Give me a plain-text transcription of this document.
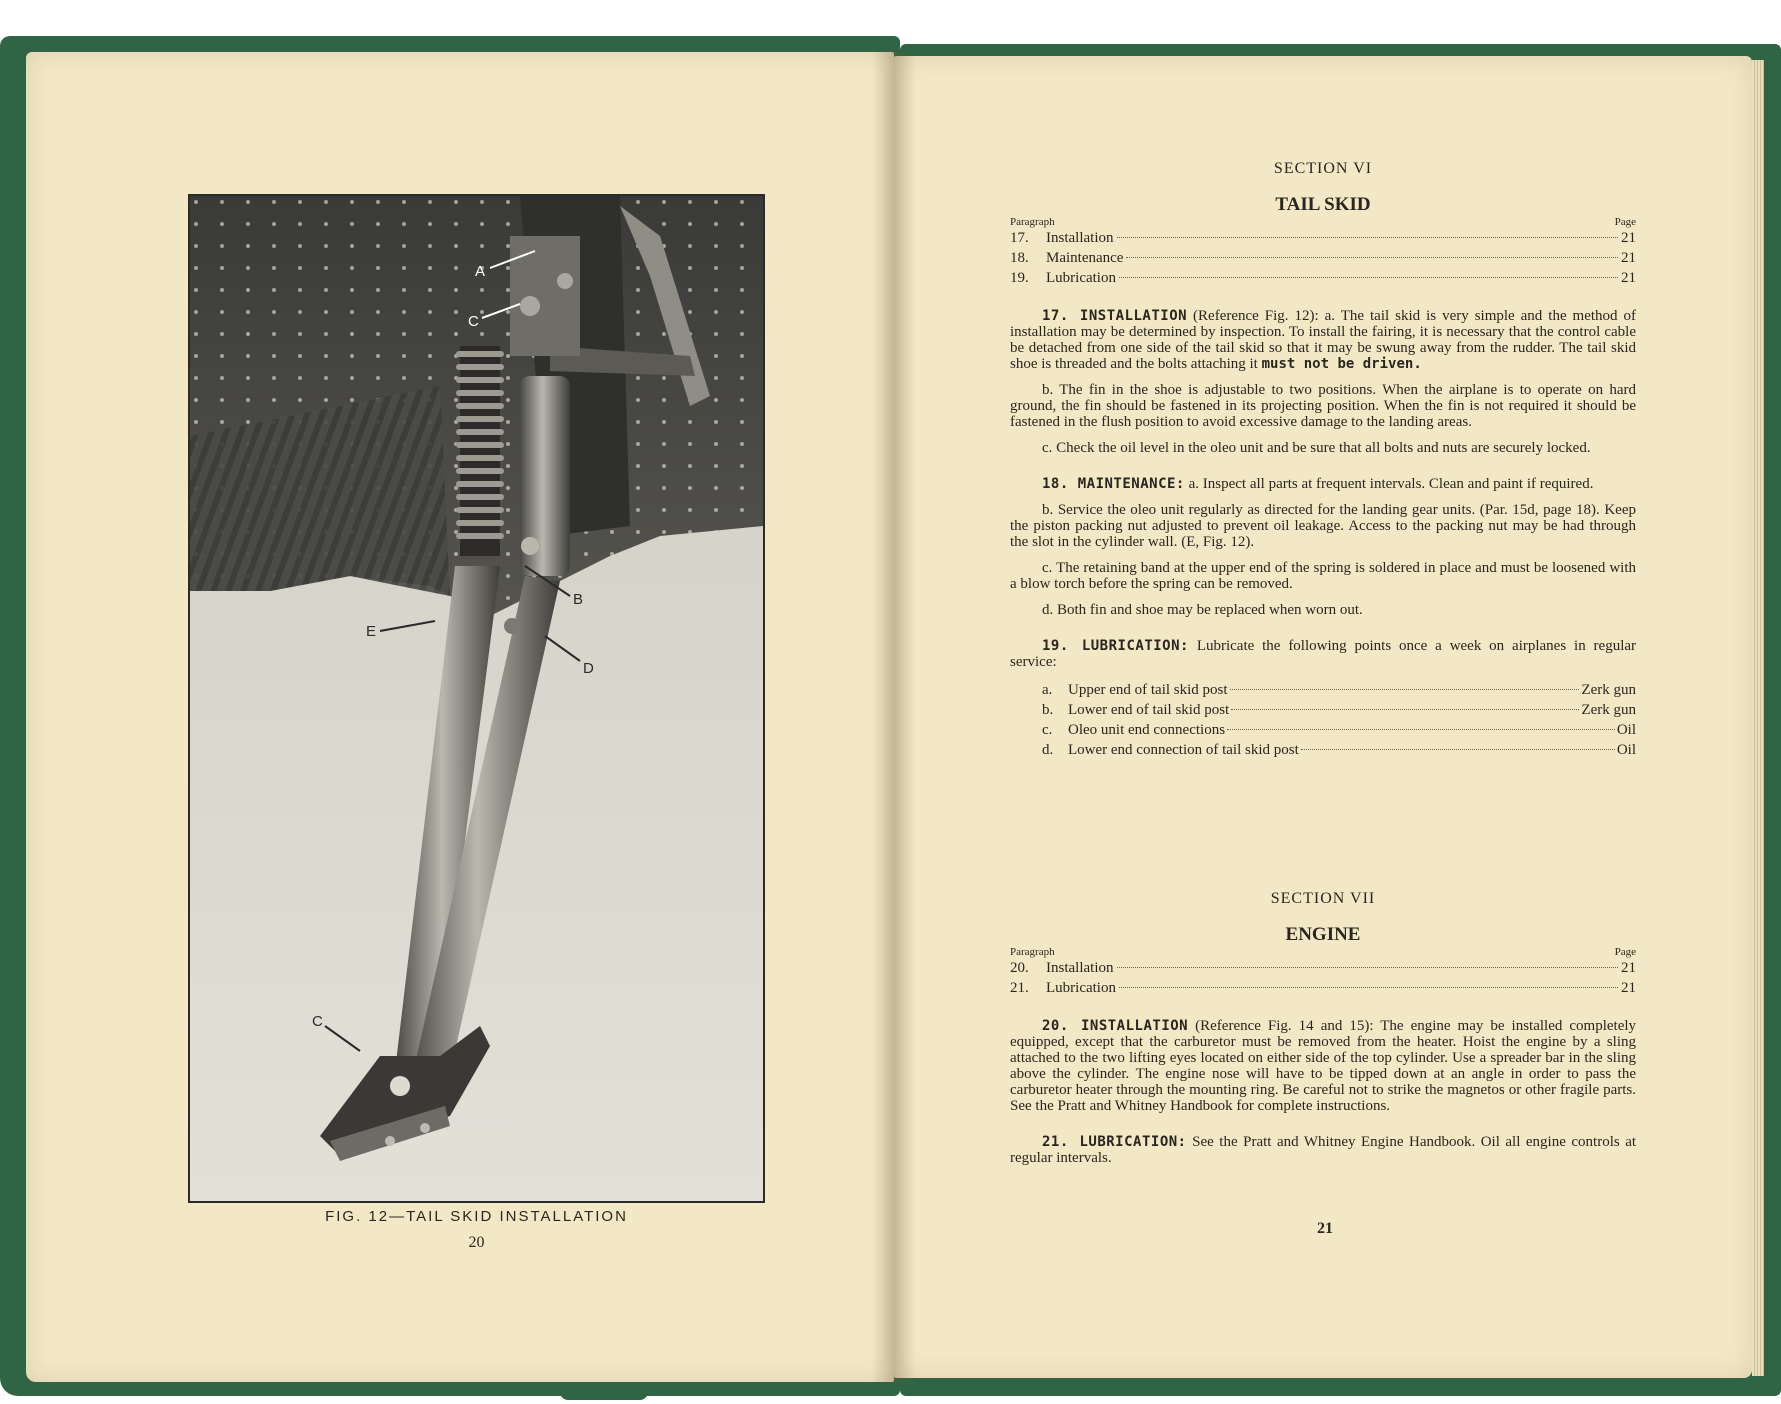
A
C
E
B
D
C
FIG. 12—TAIL SKID INSTALLATION
20
SECTION VI
TAIL SKID
Paragraph	Page
17.	Installation	21
18.	Maintenance	21
19.	Lubrication	21

17. INSTALLATION (Reference Fig. 12): a. The tail skid is very simple and the method of installation may be determined by inspection. To install the fairing, it is necessary that the control cable be detached from one side of the tail skid so that it may be swung away from the rudder. The tail skid shoe is threaded and the bolts attaching it must not be driven.

b. The fin in the shoe is adjustable to two positions. When the airplane is to operate on hard ground, the fin should be fastened in its projecting position. When the fin is not required it should be fastened in the flush position to avoid excessive damage to the landing areas.

c. Check the oil level in the oleo unit and be sure that all bolts and nuts are securely locked.

18. MAINTENANCE: a. Inspect all parts at frequent intervals. Clean and paint if required.

b. Service the oleo unit regularly as directed for the landing gear units. (Par. 15d, page 18). Keep the piston packing nut adjusted to prevent oil leakage. Access to the packing nut may be had through the slot in the cylinder wall. (E, Fig. 12).

c. The retaining band at the upper end of the spring is soldered in place and must be loosened with a blow torch before the spring can be removed.

d. Both fin and shoe may be replaced when worn out.

19. LUBRICATION: Lubricate the following points once a week on airplanes in regular service:

a.	Upper end of tail skid post	Zerk gun
b. Lower end of tail skid post	Zerk gun
c.	Oleo unit end connections	Oil
d. Lower end connection of tail skid post	Oil
SECTION VII
ENGINE
Paragraph	Page
20.	Installation	21
21.	Lubrication	21

20. INSTALLATION (Reference Fig. 14 and 15): The engine may be installed completely equipped, except that the carburetor must be removed from the heater. Hoist the engine by a sling attached to the two lifting eyes located on either side of the top cylinder. Use a spreader bar in the sling above the cylinder. The engine nose will have to be tipped down at an angle in order to pass the carburetor heater through the mounting ring. Be careful not to strike the magnetos or other fragile parts. See the Pratt and Whitney Handbook for complete instructions.

21. LUBRICATION: See the Pratt and Whitney Engine Handbook. Oil all engine controls at regular intervals.

21
